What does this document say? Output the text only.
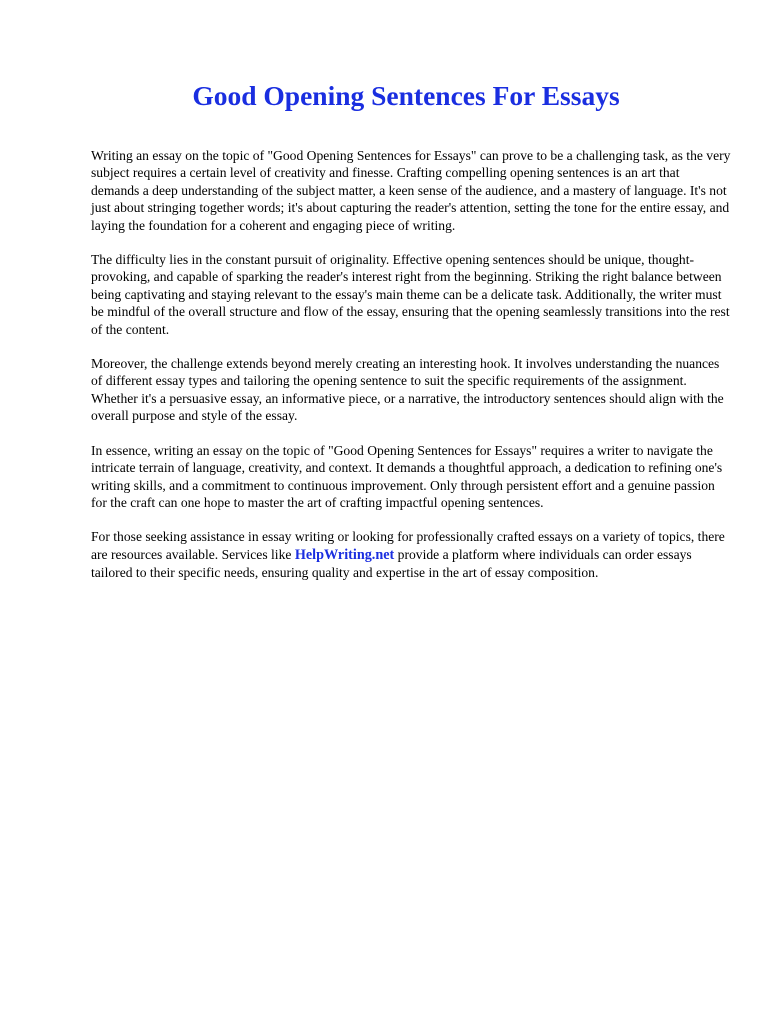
Good Opening Sentences For Essays

Writing an essay on the topic of "Good Opening Sentences for Essays" can prove to be a challenging task, as the very subject requires a certain level of creativity and finesse. Crafting compelling opening sentences is an art that demands a deep understanding of the subject matter, a keen sense of the audience, and a mastery of language. It's not just about stringing together words; it's about capturing the reader's attention, setting the tone for the entire essay, and laying the foundation for a coherent and engaging piece of writing.

The difficulty lies in the constant pursuit of originality. Effective opening sentences should be unique, thought-provoking, and capable of sparking the reader's interest right from the beginning. Striking the right balance between being captivating and staying relevant to the essay's main theme can be a delicate task. Additionally, the writer must be mindful of the overall structure and flow of the essay, ensuring that the opening seamlessly transitions into the rest of the content.

Moreover, the challenge extends beyond merely creating an interesting hook. It involves understanding the nuances of different essay types and tailoring the opening sentence to suit the specific requirements of the assignment. Whether it's a persuasive essay, an informative piece, or a narrative, the introductory sentences should align with the overall purpose and style of the essay.

In essence, writing an essay on the topic of "Good Opening Sentences for Essays" requires a writer to navigate the intricate terrain of language, creativity, and context. It demands a thoughtful approach, a dedication to refining one's writing skills, and a commitment to continuous improvement. Only through persistent effort and a genuine passion for the craft can one hope to master the art of crafting impactful opening sentences.

For those seeking assistance in essay writing or looking for professionally crafted essays on a variety of topics, there are resources available. Services like HelpWriting.net provide a platform where individuals can order essays tailored to their specific needs, ensuring quality and expertise in the art of essay composition.
